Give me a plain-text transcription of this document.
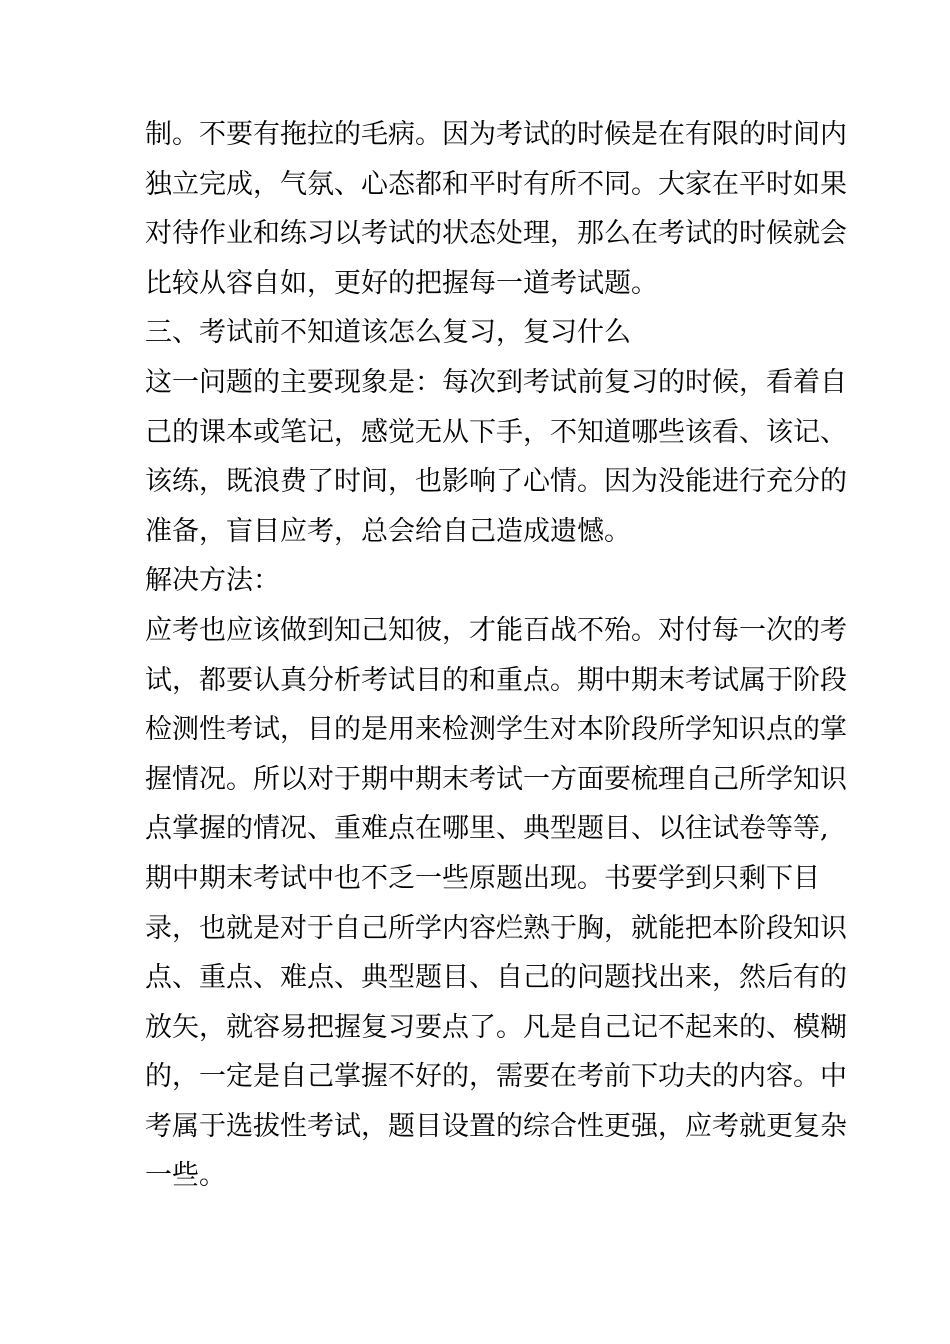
制。不要有拖拉的毛病。因为考试的时候是在有限的时间内

独立完成，气氛、心态都和平时有所不同。大家在平时如果

对待作业和练习以考试的状态处理，那么在考试的时候就会

比较从容自如，更好的把握每一道考试题。

三、考试前不知道该怎么复习，复习什么

这一问题的主要现象是：每次到考试前复习的时候，看着自

己的课本或笔记，感觉无从下手，不知道哪些该看、该记、

该练，既浪费了时间，也影响了心情。因为没能进行充分的

准备，盲目应考，总会给自己造成遗憾。

解决方法：

应考也应该做到知己知彼，才能百战不殆。对付每一次的考

试，都要认真分析考试目的和重点。期中期末考试属于阶段

检测性考试，目的是用来检测学生对本阶段所学知识点的掌

握情况。所以对于期中期末考试一方面要梳理自己所学知识

点掌握的情况、重难点在哪里、典型题目、以往试卷等等,

期中期末考试中也不乏一些原题出现。书要学到只剩下目

录，也就是对于自己所学内容烂熟于胸，就能把本阶段知识

点、重点、难点、典型题目、自己的问题找出来，然后有的

放矢，就容易把握复习要点了。凡是自己记不起来的、模糊

的，一定是自己掌握不好的，需要在考前下功夫的内容。中

考属于选拔性考试，题目设置的综合性更强，应考就更复杂

一些。
